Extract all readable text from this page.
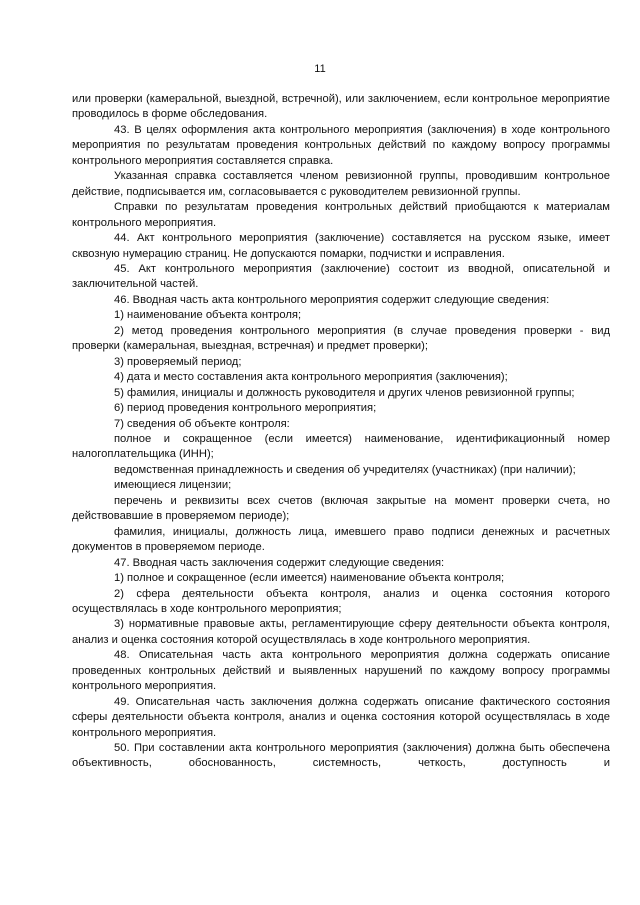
11

или проверки (камеральной, выездной, встречной), или заключением, если контрольное мероприятие проводилось в форме обследования.

43. В целях оформления акта контрольного мероприятия (заключения) в ходе контрольного мероприятия по результатам проведения контрольных действий по каждому вопросу программы контрольного мероприятия составляется справка.

Указанная справка составляется членом ревизионной группы, проводившим контрольное действие, подписывается им, согласовывается с руководителем ревизионной группы.

Справки по результатам проведения контрольных действий приобщаются к материалам контрольного мероприятия.

44. Акт контрольного мероприятия (заключение) составляется на русском языке, имеет сквозную нумерацию страниц. Не допускаются помарки, подчистки и исправления.

45. Акт контрольного мероприятия (заключение) состоит из вводной, описательной и заключительной частей.

46. Вводная часть акта контрольного мероприятия содержит следующие сведения:

1) наименование объекта контроля;

2) метод проведения контрольного мероприятия (в случае проведения проверки - вид проверки (камеральная, выездная, встречная) и предмет проверки);

3) проверяемый период;

4) дата и место составления акта контрольного мероприятия (заключения);

5) фамилия, инициалы и должность руководителя и других членов ревизионной группы;

6) период проведения контрольного мероприятия;

7) сведения об объекте контроля:

полное и сокращенное (если имеется) наименование, идентификационный номер налогоплательщика (ИНН);

ведомственная принадлежность и сведения об учредителях (участниках) (при наличии);

имеющиеся лицензии;

перечень и реквизиты всех счетов (включая закрытые на момент проверки счета, но действовавшие в проверяемом периоде);

фамилия, инициалы, должность лица, имевшего право подписи денежных и расчетных документов в проверяемом периоде.

47. Вводная часть заключения содержит следующие сведения:

1) полное и сокращенное (если имеется) наименование объекта контроля;

2) сфера деятельности объекта контроля, анализ и оценка состояния которого осуществлялась в ходе контрольного мероприятия;

3) нормативные правовые акты, регламентирующие сферу деятельности объекта контроля, анализ и оценка состояния которой осуществлялась в ходе контрольного мероприятия.

48. Описательная часть акта контрольного мероприятия должна содержать описание проведенных контрольных действий и выявленных нарушений по каждому вопросу программы контрольного мероприятия.

49. Описательная часть заключения должна содержать описание фактического состояния сферы деятельности объекта контроля, анализ и оценка состояния которой осуществлялась в ходе контрольного мероприятия.

50. При составлении акта контрольного мероприятия (заключения) должна быть обеспечена объективность, обоснованность, системность, четкость, доступность и
